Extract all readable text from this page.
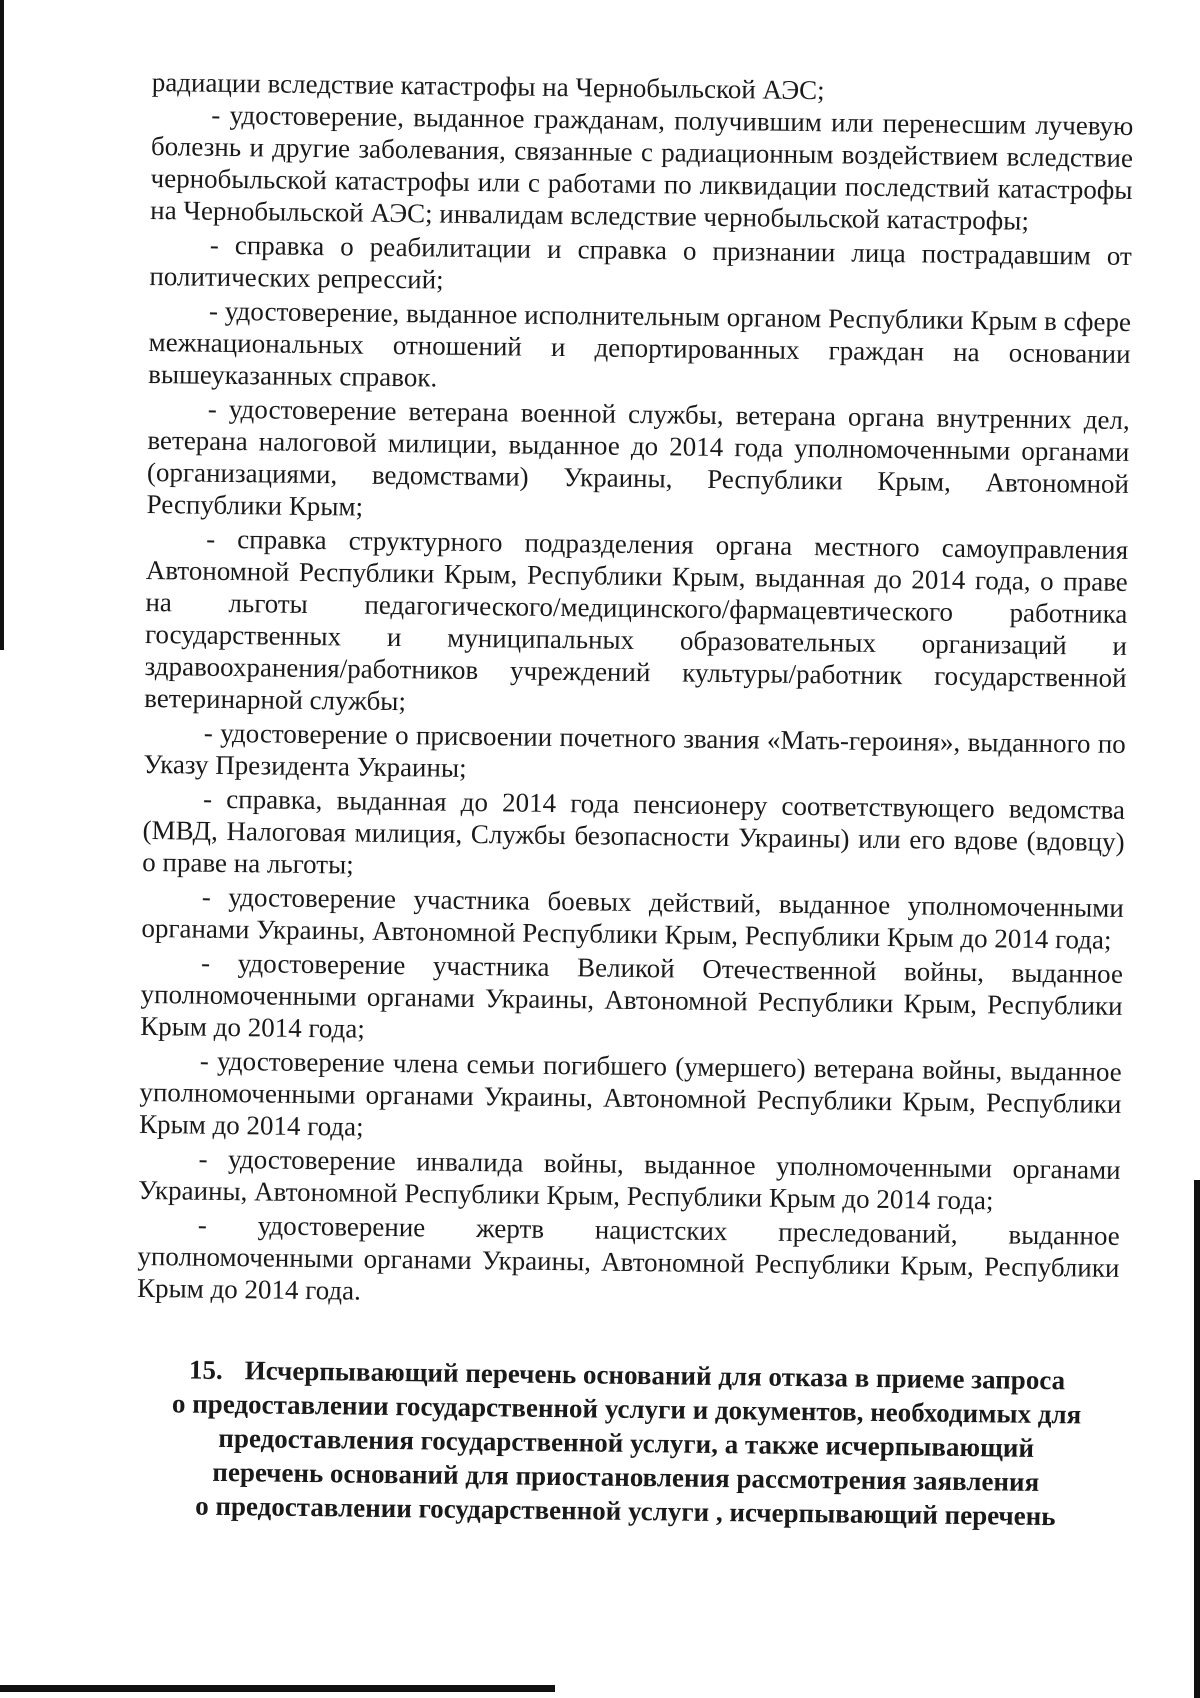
радиации вследствие катастрофы на Чернобыльской АЭС;

- удостоверение, выданное гражданам, получившим или перенесшим лучевую болезнь и другие заболевания, связанные с радиационным воздействием вследствие чернобыльской катастрофы или с работами по ликвидации последствий катастрофы на Чернобыльской АЭС; инвалидам вследствие чернобыльской катастрофы;

- справка о реабилитации и справка о признании лица пострадавшим от политических репрессий;

- удостоверение, выданное исполнительным органом Республики Крым в сфере межнациональных отношений и депортированных граждан на основании вышеуказанных справок.

- удостоверение ветерана военной службы, ветерана органа внутренних дел, ветерана налоговой милиции, выданное до 2014 года уполномоченными органами (организациями, ведомствами) Украины, Республики Крым, Автономной Республики Крым;

- справка структурного подразделения органа местного самоуправления Автономной Республики Крым, Республики Крым, выданная до 2014 года, о праве на льготы педагогического/медицинского/фармацевтического работника государственных и муниципальных образовательных организаций и здравоохранения/работников учреждений культуры/работник государственной ветеринарной службы;

- удостоверение о присвоении почетного звания «Мать-героиня», выданного по Указу Президента Украины;

- справка, выданная до 2014 года пенсионеру соответствующего ведомства (МВД, Налоговая милиция, Службы безопасности Украины) или его вдове (вдовцу) о праве на льготы;

- удостоверение участника боевых действий, выданное уполномоченными органами Украины, Автономной Республики Крым, Республики Крым до 2014 года;

- удостоверение участника Великой Отечественной войны, выданное уполномоченными органами Украины, Автономной Республики Крым, Республики Крым до 2014 года;

- удостоверение члена семьи погибшего (умершего) ветерана войны, выданное уполномоченными органами Украины, Автономной Республики Крым, Республики Крым до 2014 года;

- удостоверение инвалида войны, выданное уполномоченными органами Украины, Автономной Республики Крым, Республики Крым до 2014 года;

- удостоверение жертв нацистских преследований, выданное уполномоченными органами Украины, Автономной Республики Крым, Республики Крым до 2014 года.

15. Исчерпывающий перечень оснований для отказа в приеме запроса
о предоставлении государственной услуги и документов, необходимых для
предоставления государственной услуги, а также исчерпывающий
перечень оснований для приостановления рассмотрения заявления
о предоставлении государственной услуги , исчерпывающий перечень
